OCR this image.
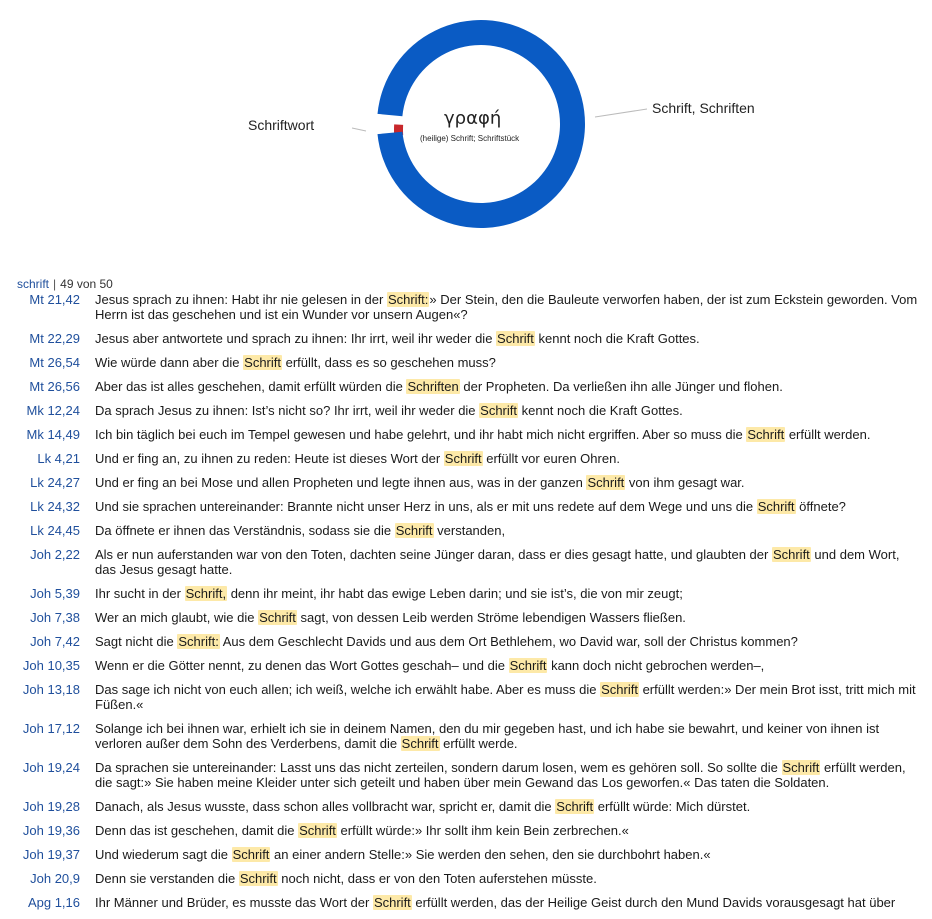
Schriftwort
Schrift, Schriften
γραφή
(heilige) Schrift; Schriftstück
schrift | 49 von 50
Mt 21,42 Jesus sprach zu ihnen: Habt ihr nie gelesen in der Schrift:» Der Stein, den die Bauleute verworfen haben, der ist zum Eckstein geworden. Vom Herrn ist das geschehen und ist ein Wunder vor unsern Augen«?
Mt 22,29 Jesus aber antwortete und sprach zu ihnen: Ihr irrt, weil ihr weder die Schrift kennt noch die Kraft Gottes.
Mt 26,54 Wie würde dann aber die Schrift erfüllt, dass es so geschehen muss?
Mt 26,56 Aber das ist alles geschehen, damit erfüllt würden die Schriften der Propheten. Da verließen ihn alle Jünger und flohen.
Mk 12,24 Da sprach Jesus zu ihnen: Ist’s nicht so? Ihr irrt, weil ihr weder die Schrift kennt noch die Kraft Gottes.
Mk 14,49 Ich bin täglich bei euch im Tempel gewesen und habe gelehrt, und ihr habt mich nicht ergriffen. Aber so muss die Schrift erfüllt werden.
Lk 4,21 Und er fing an, zu ihnen zu reden: Heute ist dieses Wort der Schrift erfüllt vor euren Ohren.
Lk 24,27 Und er fing an bei Mose und allen Propheten und legte ihnen aus, was in der ganzen Schrift von ihm gesagt war.
Lk 24,32 Und sie sprachen untereinander: Brannte nicht unser Herz in uns, als er mit uns redete auf dem Wege und uns die Schrift öffnete?
Lk 24,45 Da öffnete er ihnen das Verständnis, sodass sie die Schrift verstanden,
Joh 2,22 Als er nun auferstanden war von den Toten, dachten seine Jünger daran, dass er dies gesagt hatte, und glaubten der Schrift und dem Wort, das Jesus gesagt hatte.
Joh 5,39 Ihr sucht in der Schrift, denn ihr meint, ihr habt das ewige Leben darin; und sie ist’s, die von mir zeugt;
Joh 7,38 Wer an mich glaubt, wie die Schrift sagt, von dessen Leib werden Ströme lebendigen Wassers fließen.
Joh 7,42 Sagt nicht die Schrift: Aus dem Geschlecht Davids und aus dem Ort Bethlehem, wo David war, soll der Christus kommen?
Joh 10,35 Wenn er die Götter nennt, zu denen das Wort Gottes geschah– und die Schrift kann doch nicht gebrochen werden–,
Joh 13,18 Das sage ich nicht von euch allen; ich weiß, welche ich erwählt habe. Aber es muss die Schrift erfüllt werden:» Der mein Brot isst, tritt mich mit Füßen.«
Joh 17,12 Solange ich bei ihnen war, erhielt ich sie in deinem Namen, den du mir gegeben hast, und ich habe sie bewahrt, und keiner von ihnen ist verloren außer dem Sohn des Verderbens, damit die Schrift erfüllt werde.
Joh 19,24 Da sprachen sie untereinander: Lasst uns das nicht zerteilen, sondern darum losen, wem es gehören soll. So sollte die Schrift erfüllt werden, die sagt:» Sie haben meine Kleider unter sich geteilt und haben über mein Gewand das Los geworfen.« Das taten die Soldaten.
Joh 19,28 Danach, als Jesus wusste, dass schon alles vollbracht war, spricht er, damit die Schrift erfüllt würde: Mich dürstet.
Joh 19,36 Denn das ist geschehen, damit die Schrift erfüllt würde:» Ihr sollt ihm kein Bein zerbrechen.«
Joh 19,37 Und wiederum sagt die Schrift an einer andern Stelle:» Sie werden den sehen, den sie durchbohrt haben.«
Joh 20,9 Denn sie verstanden die Schrift noch nicht, dass er von den Toten auferstehen müsste.
Apg 1,16 Ihr Männer und Brüder, es musste das Wort der Schrift erfüllt werden, das der Heilige Geist durch den Mund Davids vorausgesagt hat über
